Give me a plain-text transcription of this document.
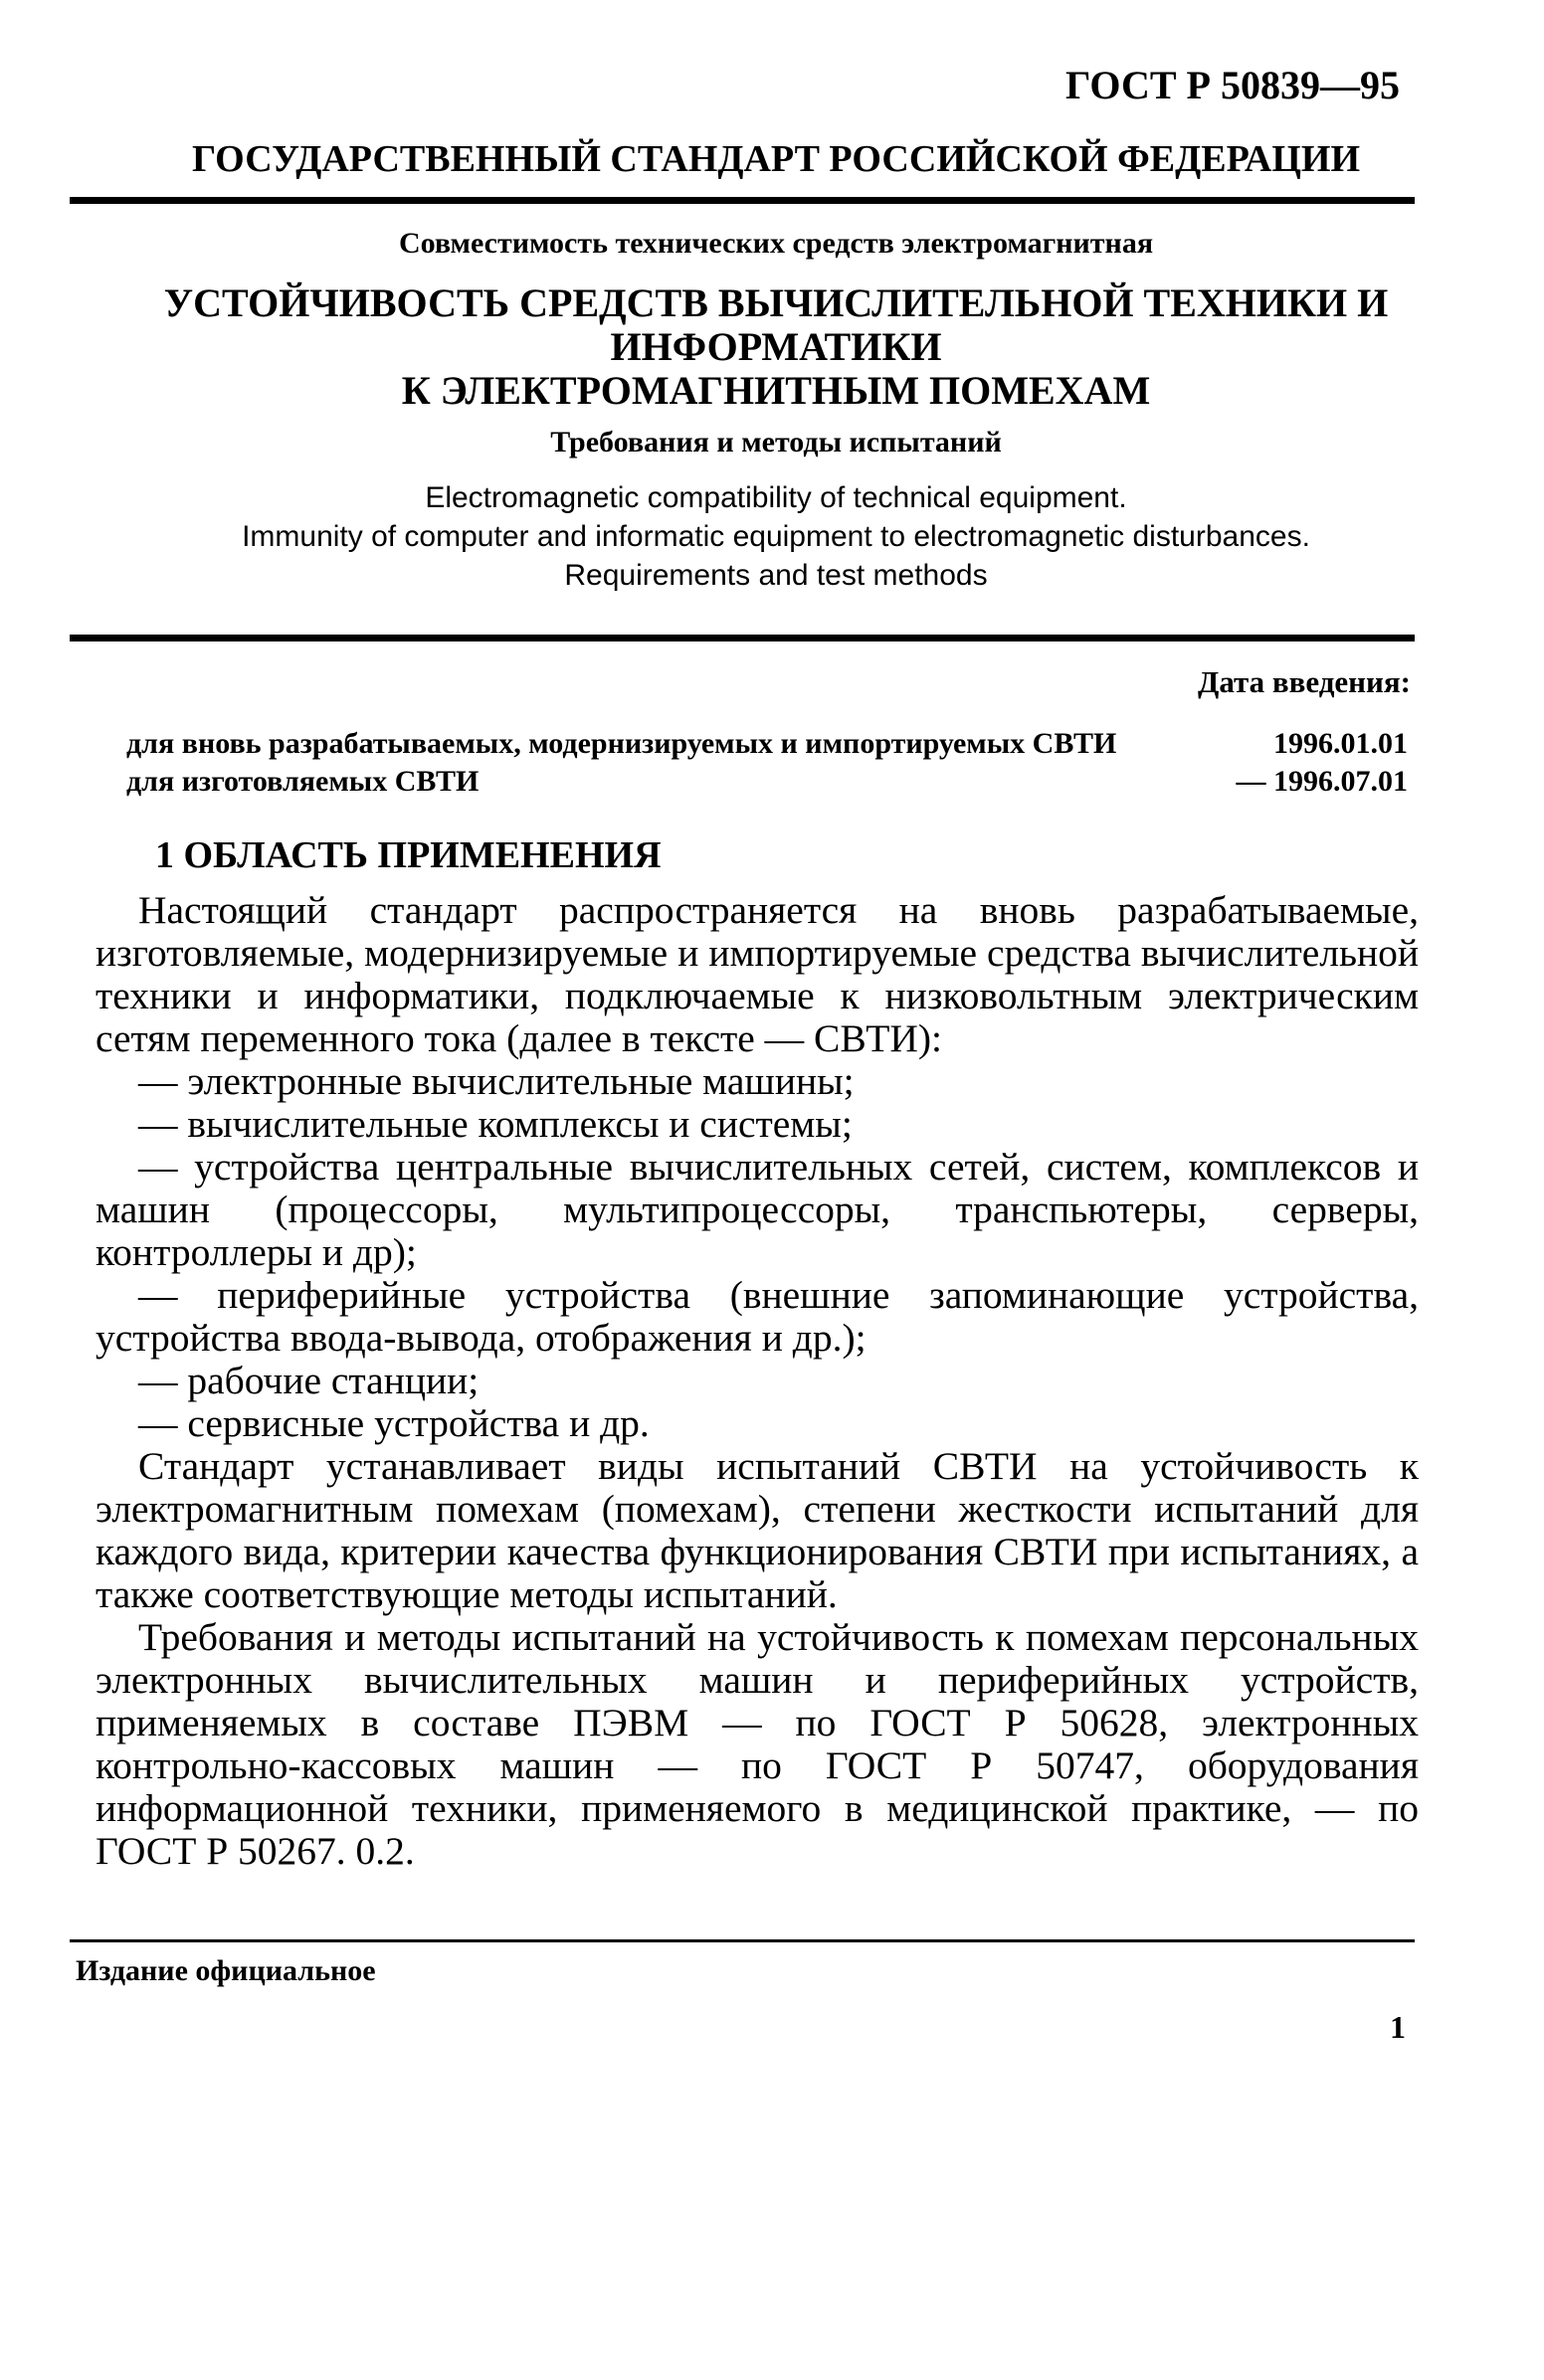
ГОСТ Р 50839—95
ГОСУДАРСТВЕННЫЙ СТАНДАРТ РОССИЙСКОЙ ФЕДЕРАЦИИ
Совместимость технических средств электромагнитная
УСТОЙЧИВОСТЬ СРЕДСТВ ВЫЧИСЛИТЕЛЬНОЙ ТЕХНИКИ И
ИНФОРМАТИКИ
К ЭЛЕКТРОМАГНИТНЫМ ПОМЕХАМ
Требования и методы испытаний
Electromagnetic compatibility of technical equipment.
Immunity of computer and informatic equipment to electromagnetic disturbances.
Requirements and test methods
Дата введения:
для вновь разрабатываемых, модернизируемых и импортируемых СВТИ	1996.01.01
для изготовляемых СВТИ	— 1996.07.01
1 ОБЛАСТЬ ПРИМЕНЕНИЯ

Настоящий стандарт распространяется на вновь разрабатываемые, изготовляемые, модернизируемые и импортируемые средства вычислительной техники и информатики, подключаемые к низковольтным электрическим сетям переменного тока (далее в тексте — СВТИ):

— электронные вычислительные машины;

— вычислительные комплексы и системы;

— устройства центральные вычислительных сетей, систем, комплексов и машин (процессоры, мультипроцессоры, транспьютеры, серверы, контроллеры и др);

— периферийные устройства (внешние запоминающие устройства, устройства ввода-вывода, отображения и др.);

— рабочие станции;

— сервисные устройства и др.

Стандарт устанавливает виды испытаний СВТИ на устойчивость к электромагнитным помехам (помехам), степени жесткости испытаний для каждого вида, критерии качества функционирования СВТИ при испытаниях, а также соответствующие методы испытаний.

Требования и методы испытаний на устойчивость к помехам персональных электронных вычислительных машин и периферийных устройств, применяемых в составе ПЭВМ — по ГОСТ Р 50628, электронных контрольно-кассовых машин — по ГОСТ Р 50747, оборудования информационной техники, применяемого в медицинской практике, — по ГОСТ Р 50267. 0.2.

Издание официальное
1
